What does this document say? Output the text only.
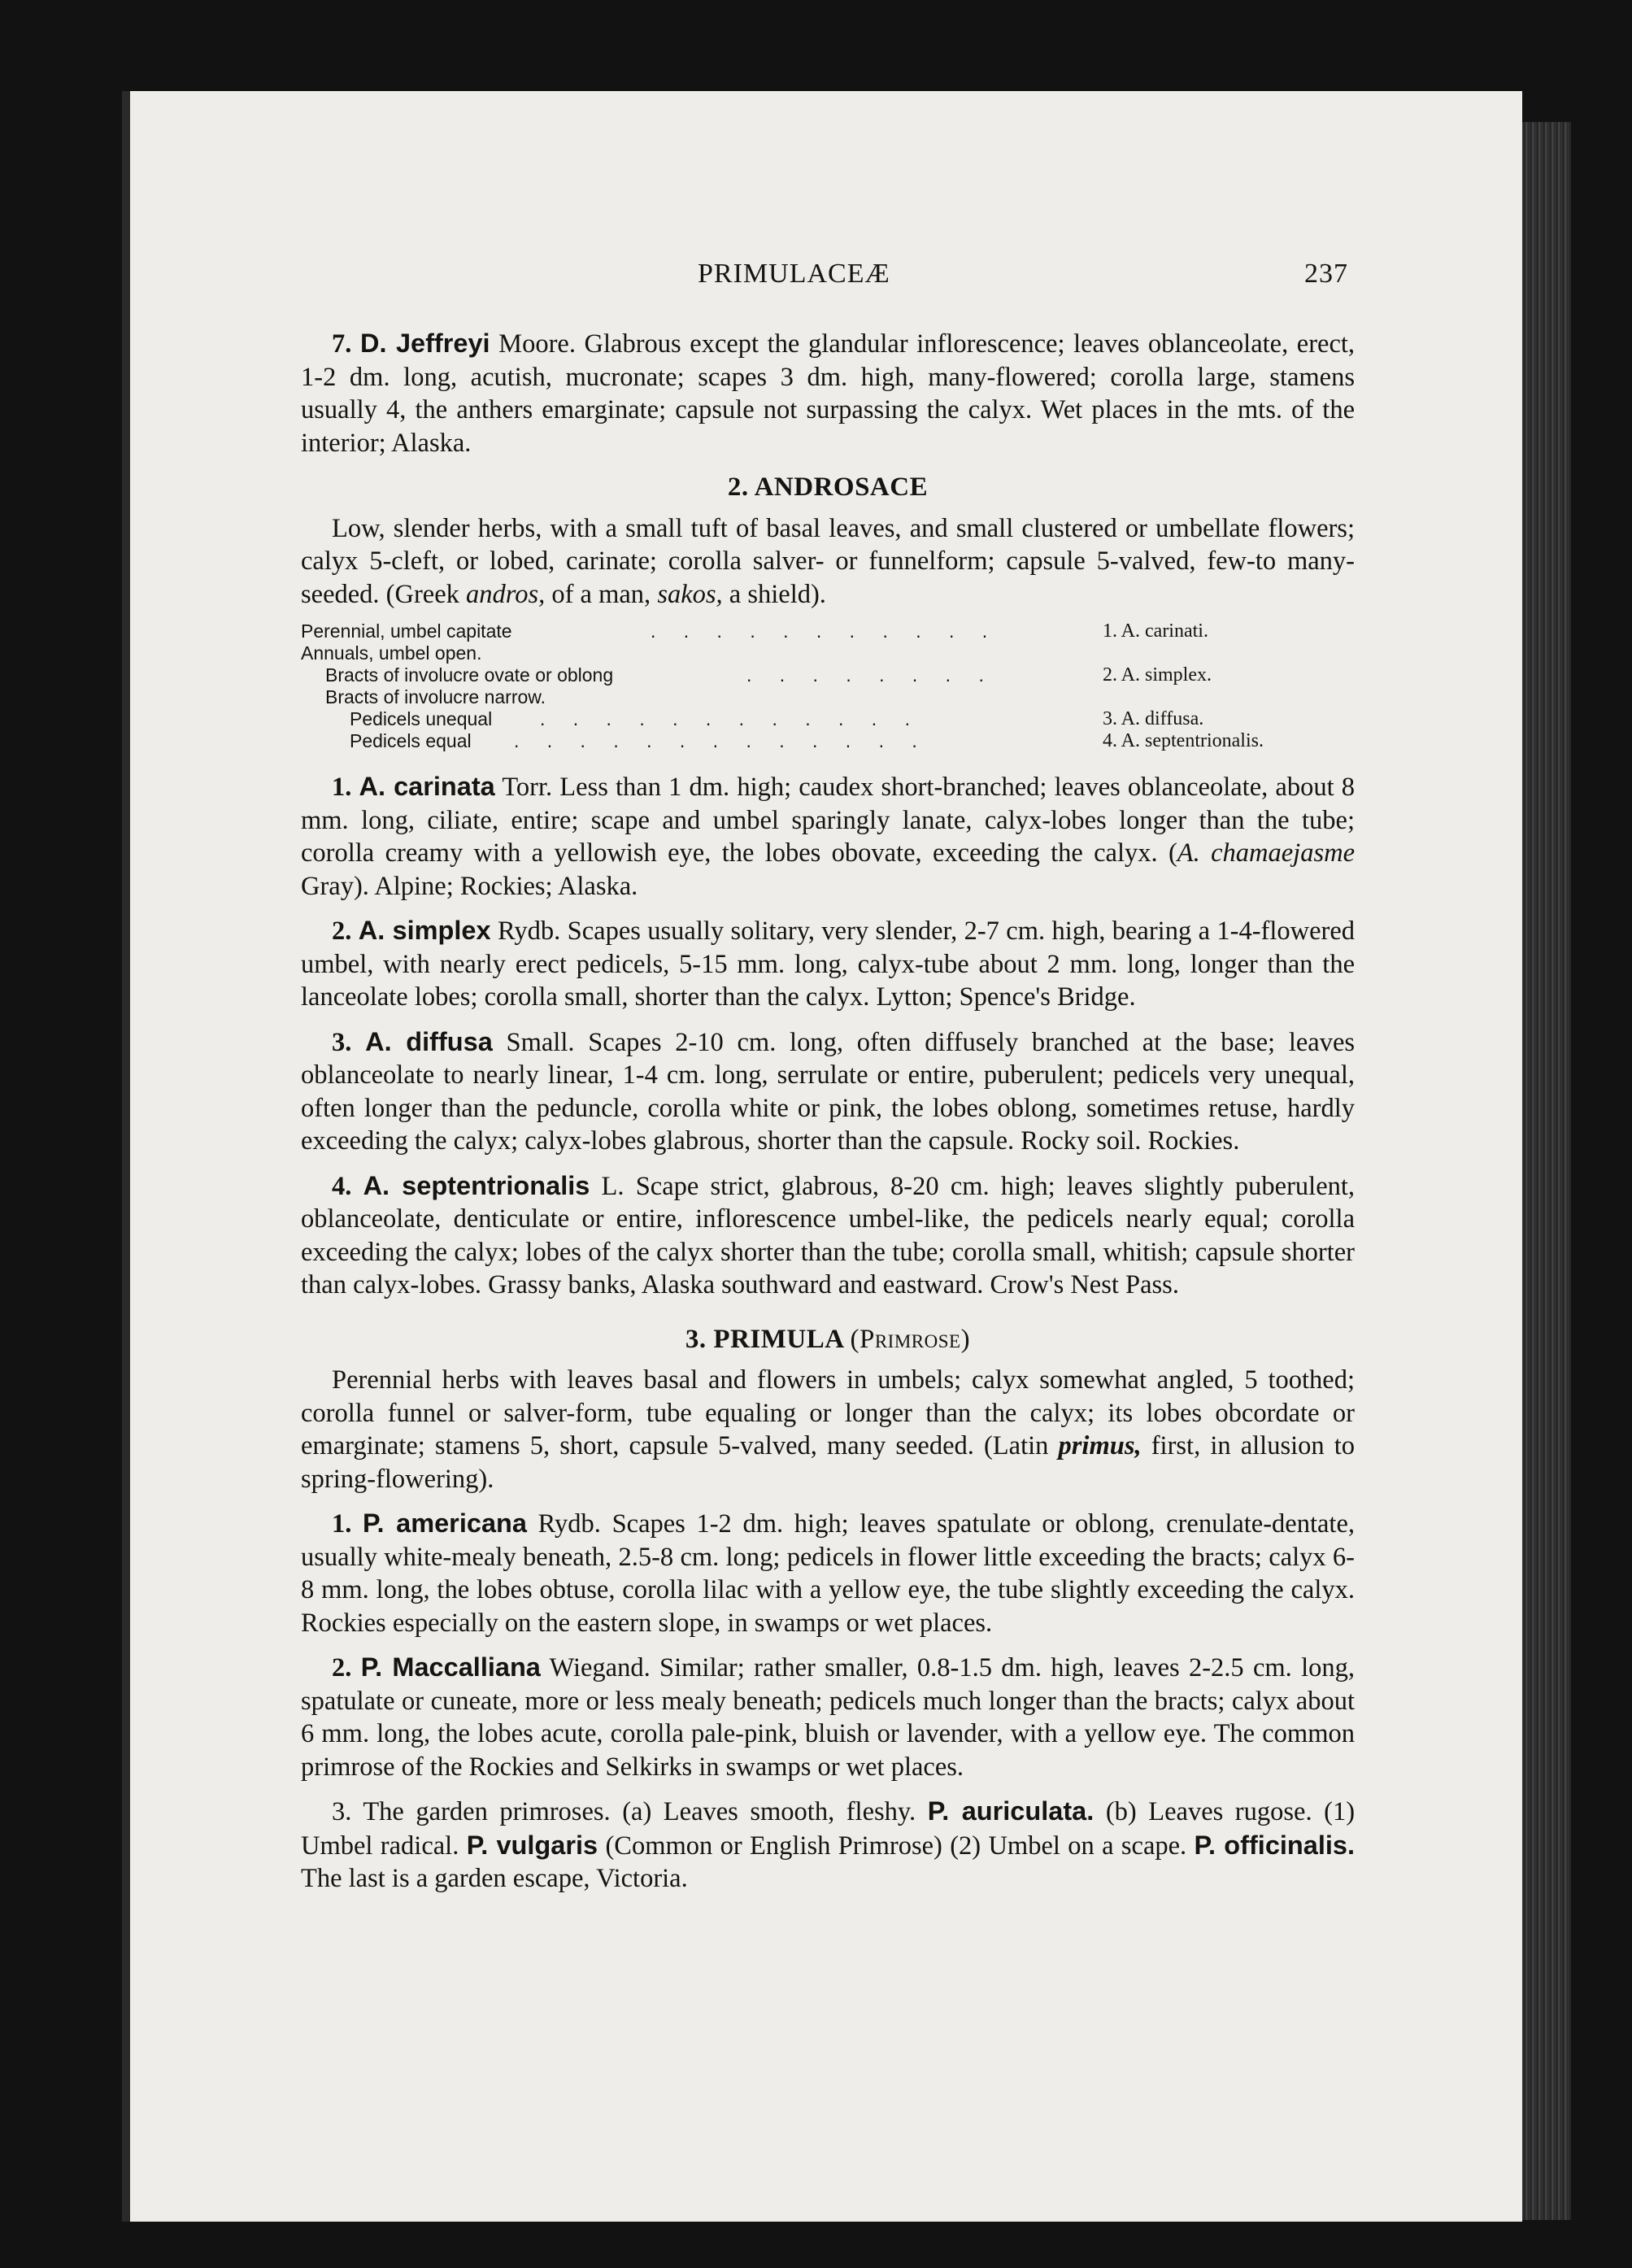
PRIMULACEÆ	237

7. D. Jeffreyi Moore. Glabrous except the glandular inflorescence; leaves oblanceolate, erect, 1-2 dm. long, acutish, mucronate; scapes 3 dm. high, many-flowered; corolla large, stamens usually 4, the anthers emarginate; capsule not surpassing the calyx. Wet places in the mts. of the interior; Alaska.

2. ANDROSACE

Low, slender herbs, with a small tuft of basal leaves, and small clustered or umbellate flowers; calyx 5-cleft, or lobed, carinate; corolla salver- or funnelform; capsule 5-valved, few-to many-seeded. (Greek andros, of a man, sakos, a shield).

Perennial, umbel capitate	. . . . . . . . . . .	1. A. carinatі.
Annuals, umbel open.
Bracts of involucre ovate or oblong	. . . . . . . .	2. A. simplex.
Bracts of involucre narrow.
Pedicels unequal	. . . . . . . . . . . .	3. A. diffusa.
Pedicels equal . . . . . . . . . . . . .	4. A. septentrionalis.

1. A. carinata Torr. Less than 1 dm. high; caudex short-branched; leaves oblanceolate, about 8 mm. long, ciliate, entire; scape and umbel sparingly lanate, calyx-lobes longer than the tube; corolla creamy with a yellowish eye, the lobes obovate, exceeding the calyx. (A. chamaejasme Gray). Alpine; Rockies; Alaska.

2. A. simplex Rydb. Scapes usually solitary, very slender, 2-7 cm. high, bearing a 1-4-flowered umbel, with nearly erect pedicels, 5-15 mm. long, calyx-tube about 2 mm. long, longer than the lanceolate lobes; corolla small, shorter than the calyx. Lytton; Spence's Bridge.

3. A. diffusa Small. Scapes 2-10 cm. long, often diffusely branched at the base; leaves oblanceolate to nearly linear, 1-4 cm. long, serrulate or entire, puberulent; pedicels very unequal, often longer than the peduncle, corolla white or pink, the lobes oblong, sometimes retuse, hardly exceeding the calyx; calyx-lobes glabrous, shorter than the capsule. Rocky soil. Rockies.

4. A. septentrionalis L. Scape strict, glabrous, 8-20 cm. high; leaves slightly puberulent, oblanceolate, denticulate or entire, inflorescence umbel-like, the pedicels nearly equal; corolla exceeding the calyx; lobes of the calyx shorter than the tube; corolla small, whitish; capsule shorter than calyx-lobes. Grassy banks, Alaska southward and eastward. Crow's Nest Pass.

3. PRIMULA (Primrose)

Perennial herbs with leaves basal and flowers in umbels; calyx somewhat angled, 5 toothed; corolla funnel or salver-form, tube equaling or longer than the calyx; its lobes obcordate or emarginate; stamens 5, short, capsule 5-valved, many seeded. (Latin primus, first, in allusion to spring-flowering).

1. P. americana Rydb. Scapes 1-2 dm. high; leaves spatulate or oblong, crenulate-dentate, usually white-mealy beneath, 2.5-8 cm. long; pedicels in flower little exceeding the bracts; calyx 6-8 mm. long, the lobes obtuse, corolla lilac with a yellow eye, the tube slightly exceeding the calyx. Rockies especially on the eastern slope, in swamps or wet places.

2. P. Maccalliana Wiegand. Similar; rather smaller, 0.8-1.5 dm. high, leaves 2-2.5 cm. long, spatulate or cuneate, more or less mealy beneath; pedicels much longer than the bracts; calyx about 6 mm. long, the lobes acute, corolla pale-pink, bluish or lavender, with a yellow eye. The common primrose of the Rockies and Selkirks in swamps or wet places.

3. The garden primroses. (a) Leaves smooth, fleshy. P. auriculata. (b) Leaves rugose. (1) Umbel radical. P. vulgaris (Common or English Primrose) (2) Umbel on a scape. P. officinalis. The last is a garden escape, Victoria.
